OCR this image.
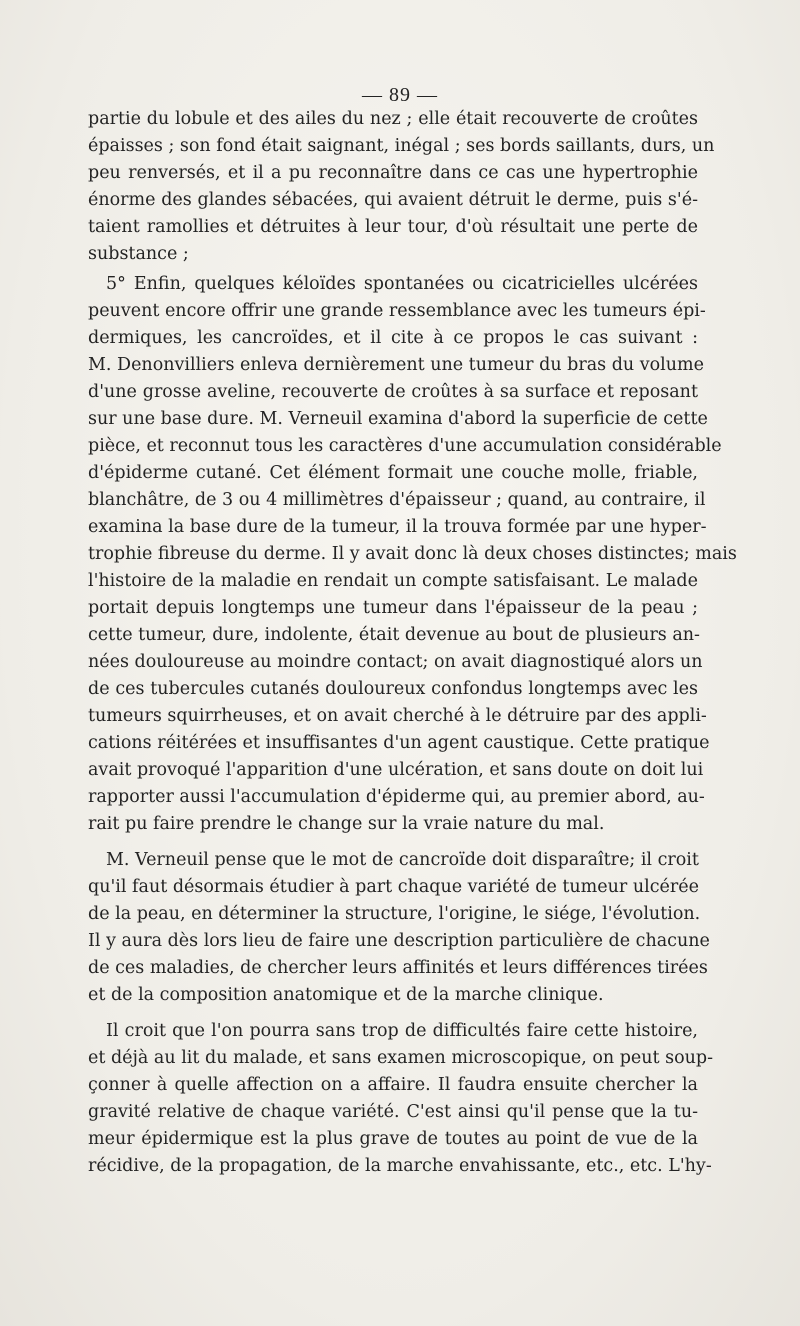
— 89 —
partie du lobule et des ailes du nez ; elle était recouverte de croûtes
épaisses ; son fond était saignant, inégal ; ses bords saillants, durs, un
peu renversés, et il a pu reconnaître dans ce cas une hypertrophie
énorme des glandes sébacées, qui avaient détruit le derme, puis s'é-
taient ramollies et détruites à leur tour, d'où résultait une perte de
substance ;
5° Enfin, quelques kéloïdes spontanées ou cicatricielles ulcérées
peuvent encore offrir une grande ressemblance avec les tumeurs épi-
dermiques, les cancroïdes, et il cite à ce propos le cas suivant :
M. Denonvilliers enleva dernièrement une tumeur du bras du volume
d'une grosse aveline, recouverte de croûtes à sa surface et reposant
sur une base dure. M. Verneuil examina d'abord la superficie de cette
pièce, et reconnut tous les caractères d'une accumulation considérable
d'épiderme cutané. Cet élément formait une couche molle, friable,
blanchâtre, de 3 ou 4 millimètres d'épaisseur ; quand, au contraire, il
examina la base dure de la tumeur, il la trouva formée par une hyper-
trophie fibreuse du derme. Il y avait donc là deux choses distinctes; mais
l'histoire de la maladie en rendait un compte satisfaisant. Le malade
portait depuis longtemps une tumeur dans l'épaisseur de la peau ;
cette tumeur, dure, indolente, était devenue au bout de plusieurs an-
nées douloureuse au moindre contact; on avait diagnostiqué alors un
de ces tubercules cutanés douloureux confondus longtemps avec les
tumeurs squirrheuses, et on avait cherché à le détruire par des appli-
cations réitérées et insuffisantes d'un agent caustique. Cette pratique
avait provoqué l'apparition d'une ulcération, et sans doute on doit lui
rapporter aussi l'accumulation d'épiderme qui, au premier abord, au-
rait pu faire prendre le change sur la vraie nature du mal.
M. Verneuil pense que le mot de cancroïde doit disparaître; il croit
qu'il faut désormais étudier à part chaque variété de tumeur ulcérée
de la peau, en déterminer la structure, l'origine, le siége, l'évolution.
Il y aura dès lors lieu de faire une description particulière de chacune
de ces maladies, de chercher leurs affinités et leurs différences tirées
et de la composition anatomique et de la marche clinique.
Il croit que l'on pourra sans trop de difficultés faire cette histoire,
et déjà au lit du malade, et sans examen microscopique, on peut soup-
çonner à quelle affection on a affaire. Il faudra ensuite chercher la
gravité relative de chaque variété. C'est ainsi qu'il pense que la tu-
meur épidermique est la plus grave de toutes au point de vue de la
récidive, de la propagation, de la marche envahissante, etc., etc. L'hy-
